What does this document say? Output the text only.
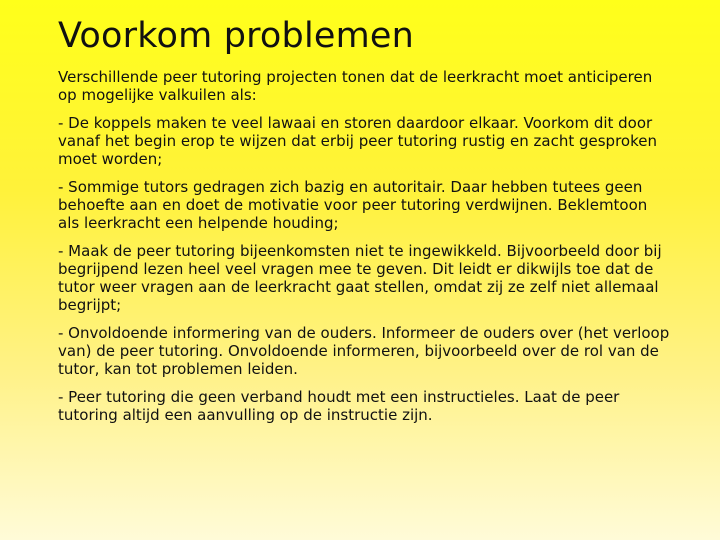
Voorkom problemen
Verschillende peer tutoring projecten tonen dat de leerkracht moet anticiperen op mogelijke valkuilen als:
- De koppels maken te veel lawaai en storen daardoor elkaar. Voorkom dit door vanaf het begin erop te wijzen dat erbij peer tutoring rustig en zacht gesproken moet worden;
- Sommige tutors gedragen zich bazig en autoritair. Daar hebben tutees geen behoefte aan en doet de motivatie voor peer tutoring verdwijnen. Beklemtoon als leerkracht een helpende houding;
- Maak de peer tutoring bijeenkomsten niet te ingewikkeld. Bijvoorbeeld door bij begrijpend lezen heel veel vragen mee te geven. Dit leidt er dikwijls toe dat de tutor weer vragen aan de leerkracht gaat stellen, omdat zij ze zelf niet allemaal begrijpt;
- Onvoldoende informering van de ouders. Informeer de ouders over (het verloop van) de peer tutoring. Onvoldoende informeren, bijvoorbeeld over de rol van de tutor, kan tot problemen leiden.
- Peer tutoring die geen verband houdt met een instructieles. Laat de peer tutoring altijd een aanvulling op de instructie zijn.
